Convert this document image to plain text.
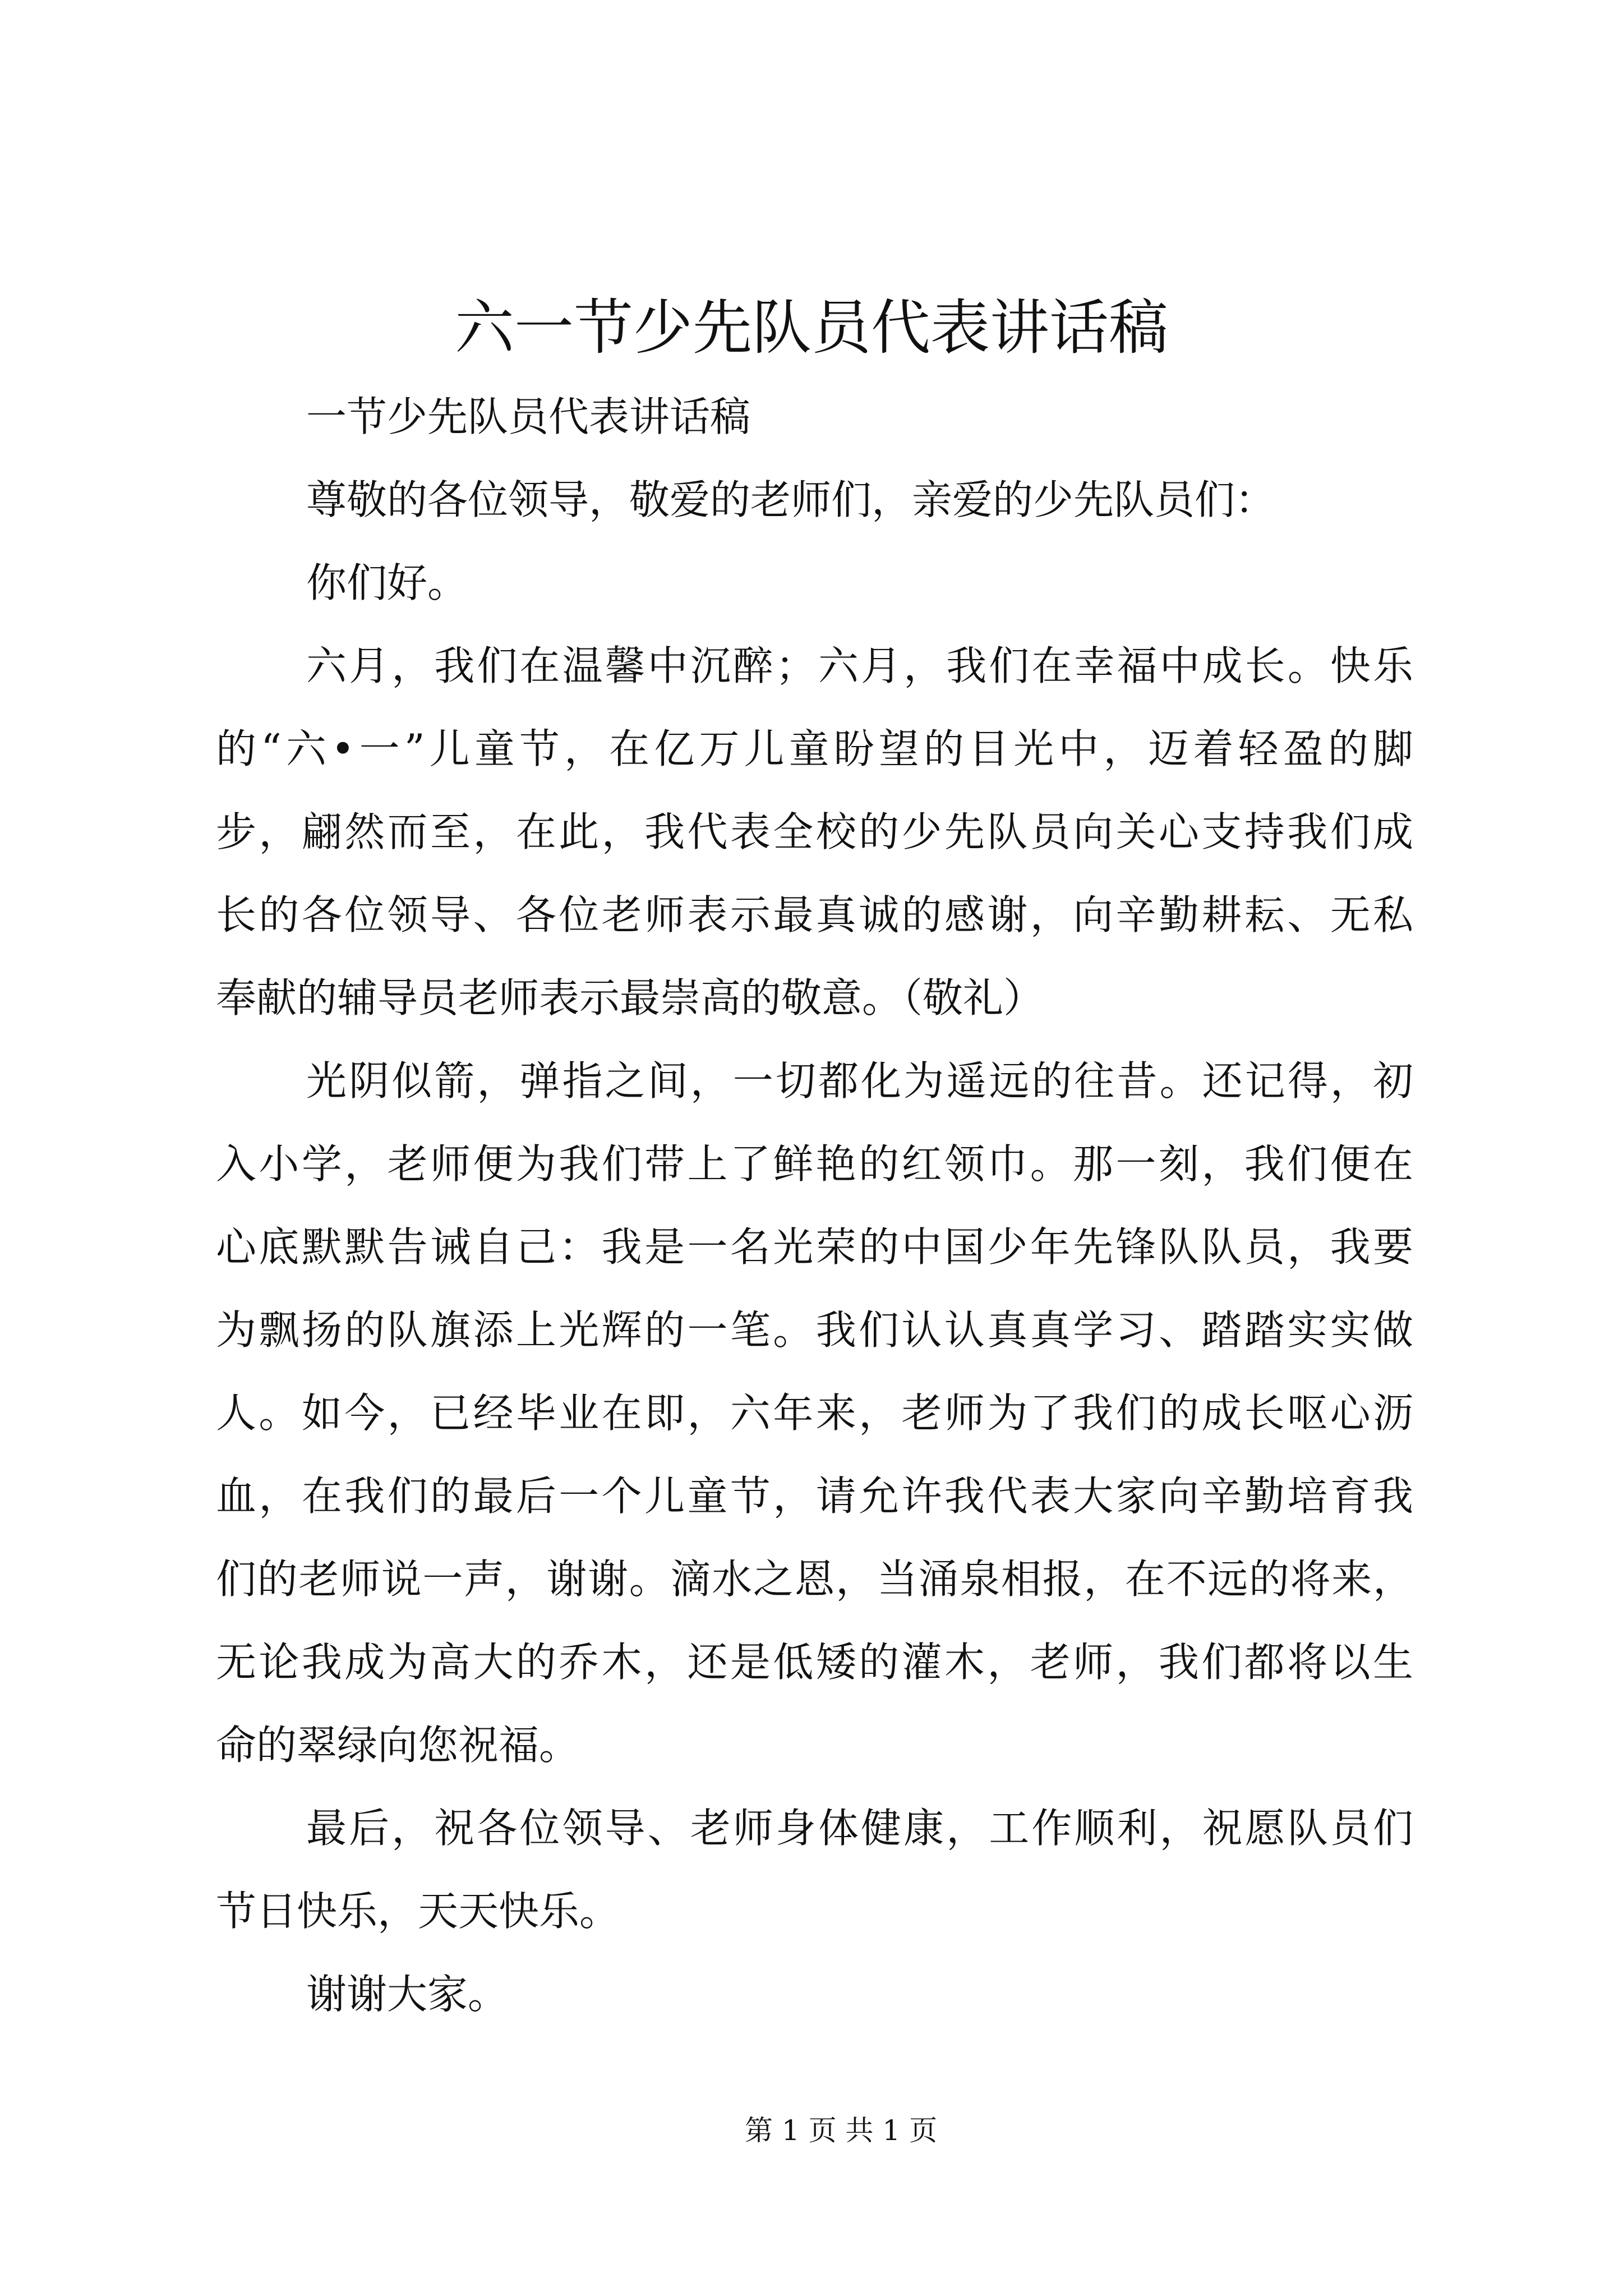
六一节少先队员代表讲话稿
一节少先队员代表讲话稿
尊敬的各位领导，敬爱的老师们，亲爱的少先队员们：
你们好。
六月，我们在温馨中沉醉；六月，我们在幸福中成长。快乐
的“六•一”儿童节，在亿万儿童盼望的目光中，迈着轻盈的脚
步，翩然而至，在此，我代表全校的少先队员向关心支持我们成
长的各位领导、各位老师表示最真诚的感谢，向辛勤耕耘、无私
奉献的辅导员老师表示最崇高的敬意。（敬礼）
光阴似箭，弹指之间，一切都化为遥远的往昔。还记得，初
入小学，老师便为我们带上了鲜艳的红领巾。那一刻，我们便在
心底默默告诫自己：我是一名光荣的中国少年先锋队队员，我要
为飘扬的队旗添上光辉的一笔。我们认认真真学习、踏踏实实做
人。如今，已经毕业在即，六年来，老师为了我们的成长呕心沥
血，在我们的最后一个儿童节，请允许我代表大家向辛勤培育我
们的老师说一声，谢谢。滴水之恩，当涌泉相报，在不远的将来，
无论我成为高大的乔木，还是低矮的灌木，老师，我们都将以生
命的翠绿向您祝福。
最后，祝各位领导、老师身体健康，工作顺利，祝愿队员们
节日快乐，天天快乐。
谢谢大家。
第 1 页 共 1 页
